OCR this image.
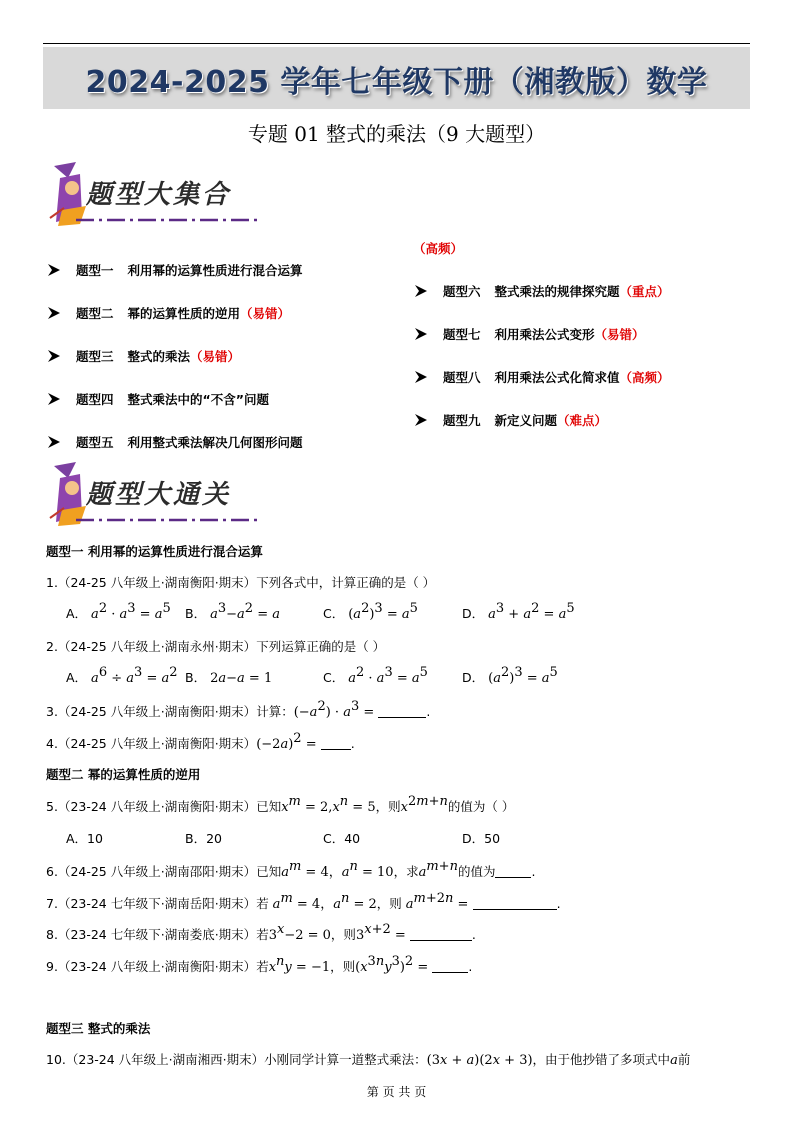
2024-2025 学年七年级下册（湘教版）数学
专题 01 整式的乘法（9 大题型）
题型大集合
题型一 利用幂的运算性质进行混合运算
题型二 幂的运算性质的逆用 （易错）
题型三 整式的乘法 （易错）
题型四 整式乘法中的“不含”问题
题型五 利用整式乘法解决几何图形问题
（高频）
题型六 整式乘法的规律探究题 （重点）
题型七 利用乘法公式变形 （易错）
题型八 利用乘法公式化简求值 （高频）
题型九 新定义问题 （难点）
题型大通关
题型一 利用幂的运算性质进行混合运算
1.（24-25 八年级上·湖南衡阳·期末）下列各式中，计算正确的是（ ）
A． $a^2 \cdot a^3 = a^5$ B． $a^3-a^2 = a$	C． $(a^2)^3 = a^5$	D． $a^3 + a^2 = a^5$
2.（24-25 八年级上·湖南永州·期末）下列运算正确的是（ ）
A． $a^6 \div a^3 = a^2$ B． 2a−a = 1	C． $a^2 \cdot a^3 = a^5$	D． $(a^2)^3 = a^5$
3.（24-25 八年级上·湖南衡阳·期末）计算：$(-a^2) \cdot a^3$ =	.
4.（24-25 八年级上·湖南衡阳·期末）$(-2a)^2$ = .
题型二 幂的运算性质的逆用
5.（23-24 八年级上·湖南衡阳·期末）已知$x^m = 2,x^n = 5$，则$x^{2m+n}$的值为（ ）
A．10	B．20	C．40	D．50
6.（24-25 八年级上·湖南邵阳·期末）已知$a^m = 4$，$a^n = 10$，求$a^{m+n}$的值为	.
7.（23-24 七年级下·湖南岳阳·期末）若 $a^m = 4$，$a^n = 2$，则 $a^{m+2n}$ =	.
8.（23-24 七年级下·湖南娄底·期末）若$3^x-2 = 0$，则$3^{x+2}$ =	.
9.（23-24 八年级上·湖南衡阳·期末）若$x^ny = -1$，则$(x^{3n}y^3)^2$ =	.
题型三 整式的乘法
10.（23-24 八年级上·湖南湘西·期末）小刚同学计算一道整式乘法：(3x + a)(2x + 3)，由于他抄错了多项式中a前
第 页 共 页
